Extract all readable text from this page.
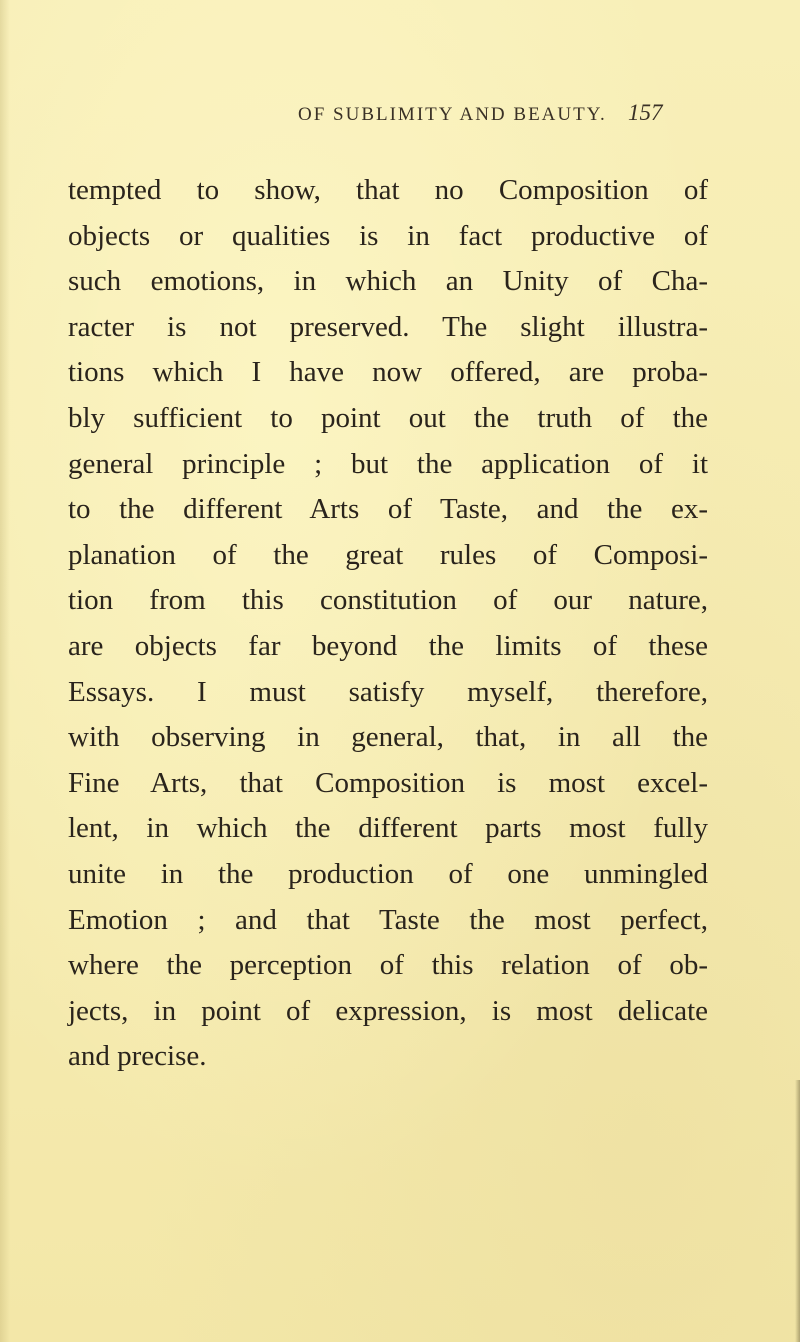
OF SUBLIMITY AND BEAUTY. 157
tempted to show, that no Composition of
objects or qualities is in fact productive of
such emotions, in which an Unity of Cha-
racter is not preserved. The slight illustra-
tions which I have now offered, are proba-
bly sufficient to point out the truth of the
general principle ; but the application of it
to the different Arts of Taste, and the ex-
planation of the great rules of Composi-
tion from this constitution of our nature,
are objects far beyond the limits of these
Essays. I must satisfy myself, therefore,
with observing in general, that, in all the
Fine Arts, that Composition is most excel-
lent, in which the different parts most fully
unite in the production of one unmingled
Emotion ; and that Taste the most perfect,
where the perception of this relation of ob-
jects, in point of expression, is most delicate
and precise.
